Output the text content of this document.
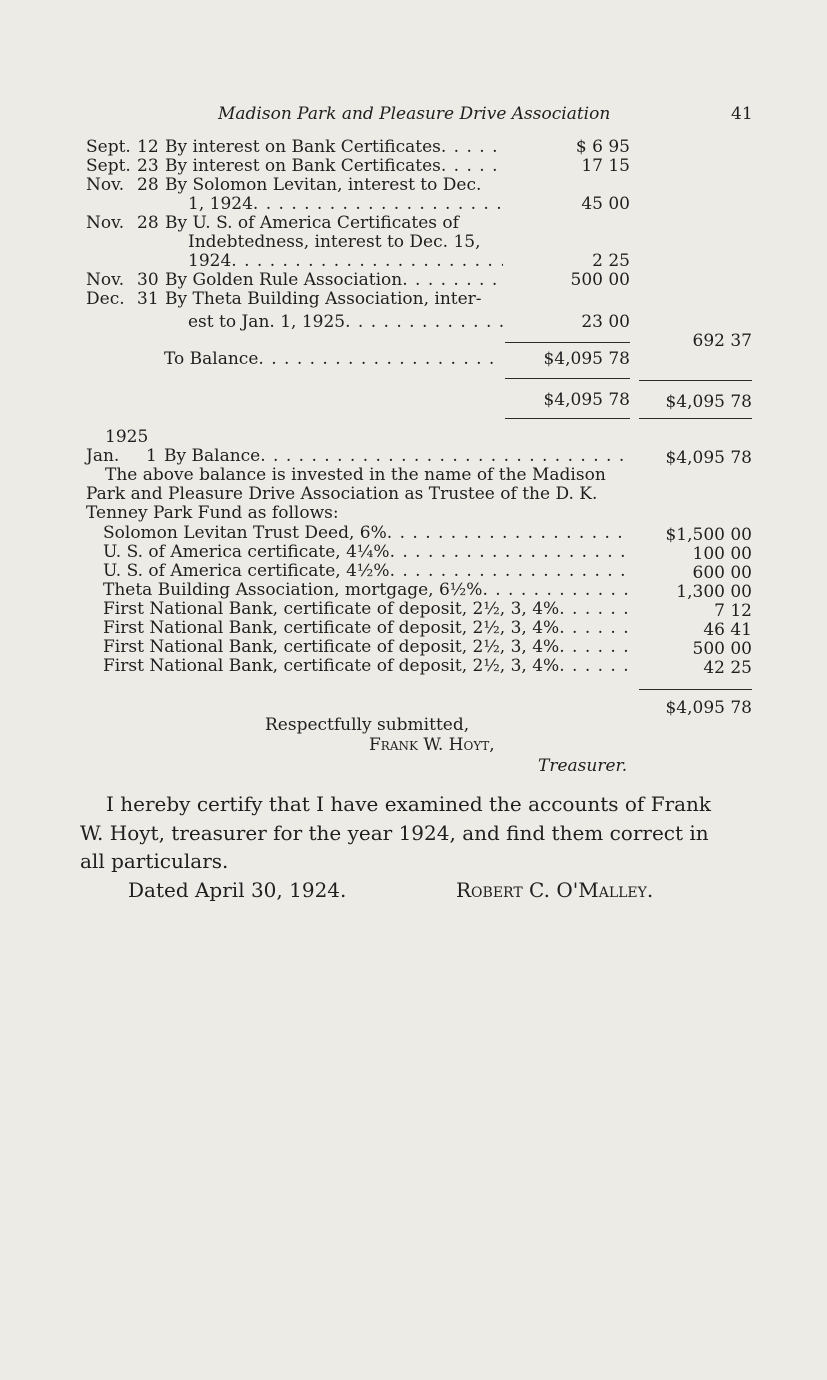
Madison Park and Pleasure Drive Association	41
Sept. 12 By interest on Bank Certificates . . .	$ 6 95
Sept. 23 By interest on Bank Certificates . . .	17 15
Nov. 28 By Solomon Levitan, interest to Dec.
1, 1924 . . .	45 00
Nov. 28 By U. S. of America Certificates of
Indebtedness, interest to Dec. 15,
1924 . . .	2 25
Nov. 30 By Golden Rule Association . . .	500 00
Dec. 31 By Theta Building Association, inter-
est to Jan. 1, 1925 . . .	23 00
692 37
To Balance . . .	$4,095 78
$4,095 78	$4,095 78
1925
Jan. 1 By Balance . . .	$4,095 78
The above balance is invested in the name of the Madison
Park and Pleasure Drive Association as Trustee of the D. K.
Tenney Park Fund as follows:
Solomon Levitan Trust Deed, 6% . . .	$1,500 00
U. S. of America certificate, 4¼% . . .	100 00
U. S. of America certificate, 4½% . . .	600 00
Theta Building Association, mortgage, 6½% . . .	1,300 00
First National Bank, certificate of deposit, 2½, 3, 4% . . .	7 12
First National Bank, certificate of deposit, 2½, 3, 4% . . .	46 41
First National Bank, certificate of deposit, 2½, 3, 4% . . .	500 00
First National Bank, certificate of deposit, 2½, 3, 4% . . .	42 25
$4,095 78
Respectfully submitted,
Frank W. Hoyt,
Treasurer.
I hereby certify that I have examined the accounts of Frank
W. Hoyt, treasurer for the year 1924, and find them correct in
all particulars.
Dated April 30, 1924.	Robert C. O'Malley.
